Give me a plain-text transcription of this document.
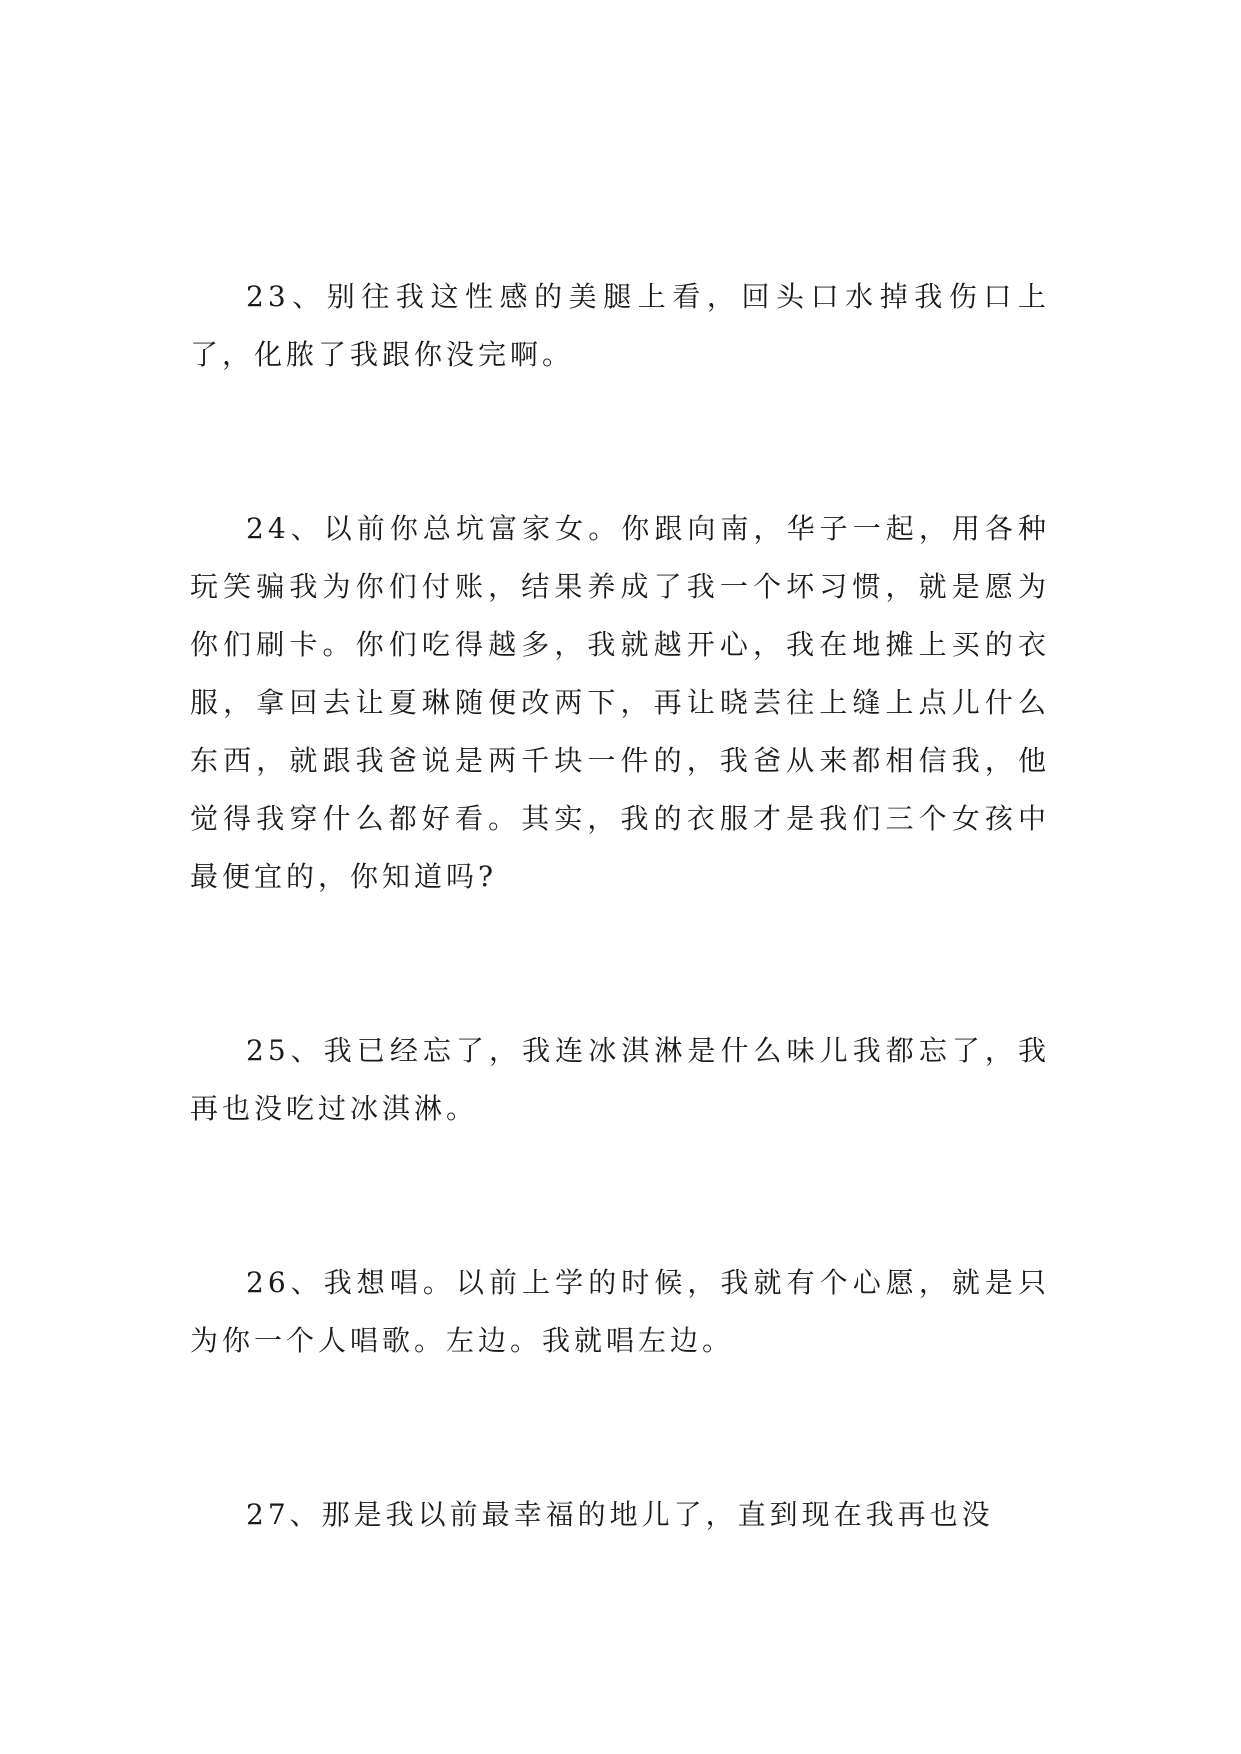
23、别往我这性感的美腿上看，回头口水掉我伤口上了，化脓了我跟你没完啊。

24、以前你总坑富家女。你跟向南，华子一起，用各种玩笑骗我为你们付账，结果养成了我一个坏习惯，就是愿为你们刷卡。你们吃得越多，我就越开心，我在地摊上买的衣服，拿回去让夏琳随便改两下，再让晓芸往上缝上点儿什么东西，就跟我爸说是两千块一件的，我爸从来都相信我，他觉得我穿什么都好看。其实，我的衣服才是我们三个女孩中最便宜的，你知道吗?

25、我已经忘了，我连冰淇淋是什么味儿我都忘了，我再也没吃过冰淇淋。

26、我想唱。以前上学的时候，我就有个心愿，就是只为你一个人唱歌。左边。我就唱左边。

27、那是我以前最幸福的地儿了，直到现在我再也没
